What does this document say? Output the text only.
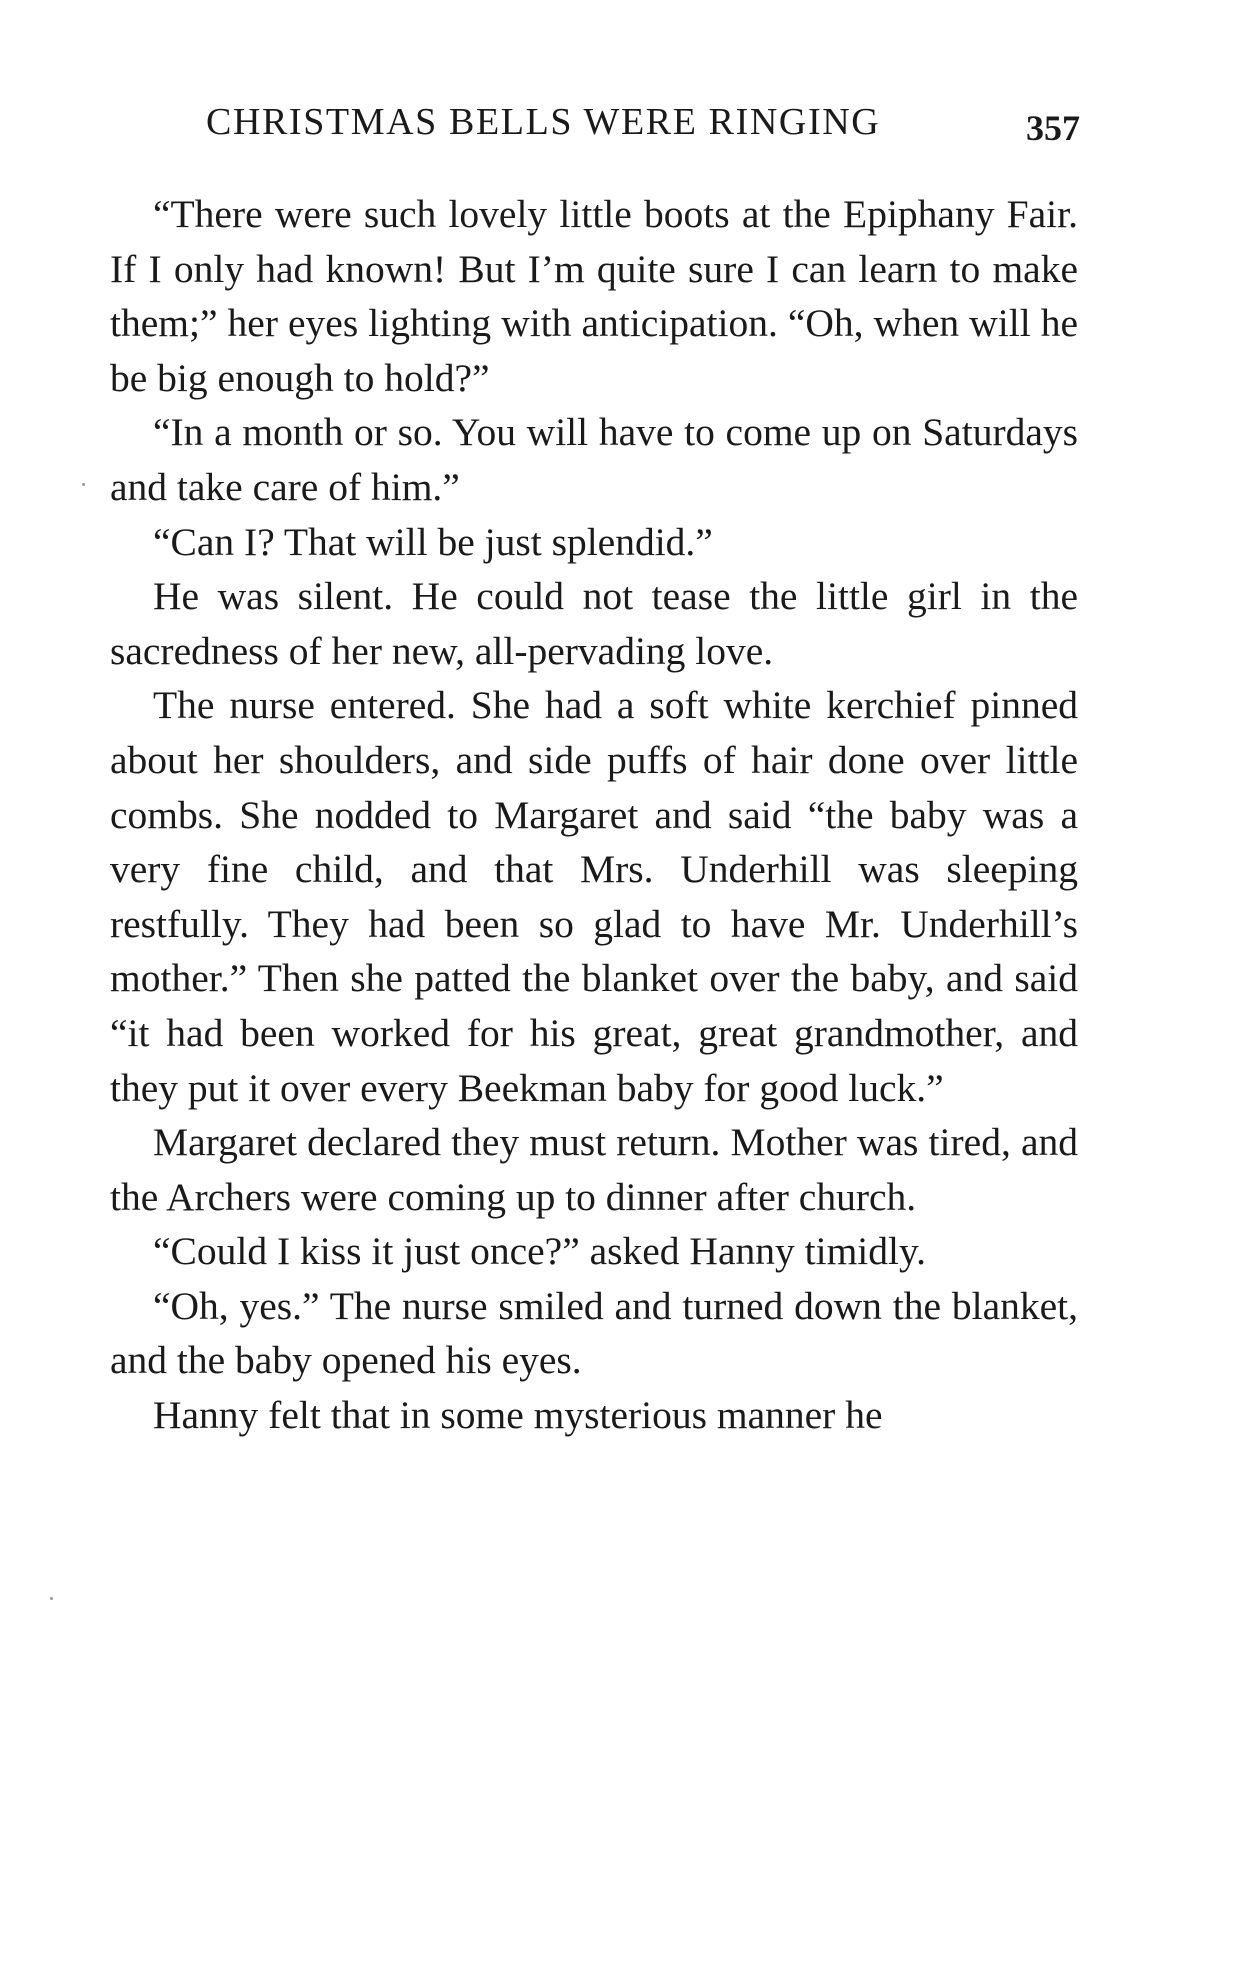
CHRISTMAS BELLS WERE RINGING	357

“There were such lovely little boots at the Epiphany Fair. If I only had known! But I’m quite sure I can learn to make them;” her eyes lighting with anticipation. “Oh, when will he be big enough to hold?”

“In a month or so. You will have to come up on Saturdays and take care of him.”

“Can I? That will be just splendid.”

He was silent. He could not tease the little girl in the sacredness of her new, all-pervading love.

The nurse entered. She had a soft white kerchief pinned about her shoulders, and side puffs of hair done over little combs. She nodded to Margaret and said “the baby was a very fine child, and that Mrs. Underhill was sleeping restfully. They had been so glad to have Mr. Underhill’s mother.” Then she patted the blanket over the baby, and said “it had been worked for his great, great grandmother, and they put it over every Beekman baby for good luck.”

Margaret declared they must return. Mother was tired, and the Archers were coming up to dinner after church.

“Could I kiss it just once?” asked Hanny timidly.

“Oh, yes.” The nurse smiled and turned down the blanket, and the baby opened his eyes.

Hanny felt that in some mysterious manner he
